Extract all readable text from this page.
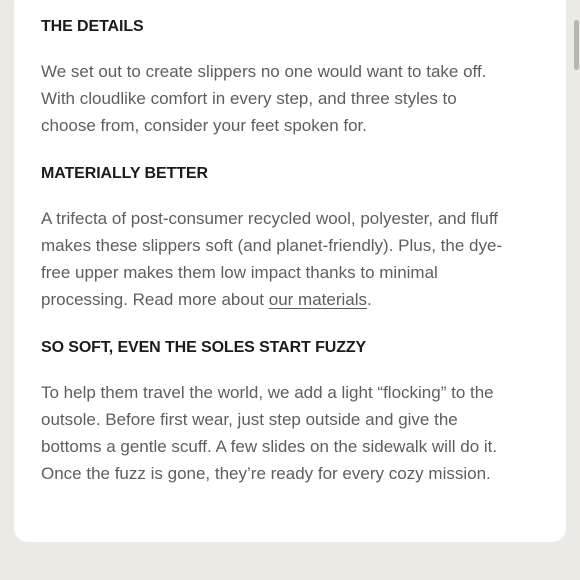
THE DETAILS

We set out to create slippers no one would want to take off. With cloudlike comfort in every step, and three styles to choose from, consider your feet spoken for.

MATERIALLY BETTER

A trifecta of post-consumer recycled wool, polyester, and fluff makes these slippers soft (and planet-friendly). Plus, the dye-free upper makes them low impact thanks to minimal processing. Read more about our materials.

SO SOFT, EVEN THE SOLES START FUZZY

To help them travel the world, we add a light “flocking” to the outsole. Before first wear, just step outside and give the bottoms a gentle scuff. A few slides on the sidewalk will do it. Once the fuzz is gone, they’re ready for every cozy mission.
